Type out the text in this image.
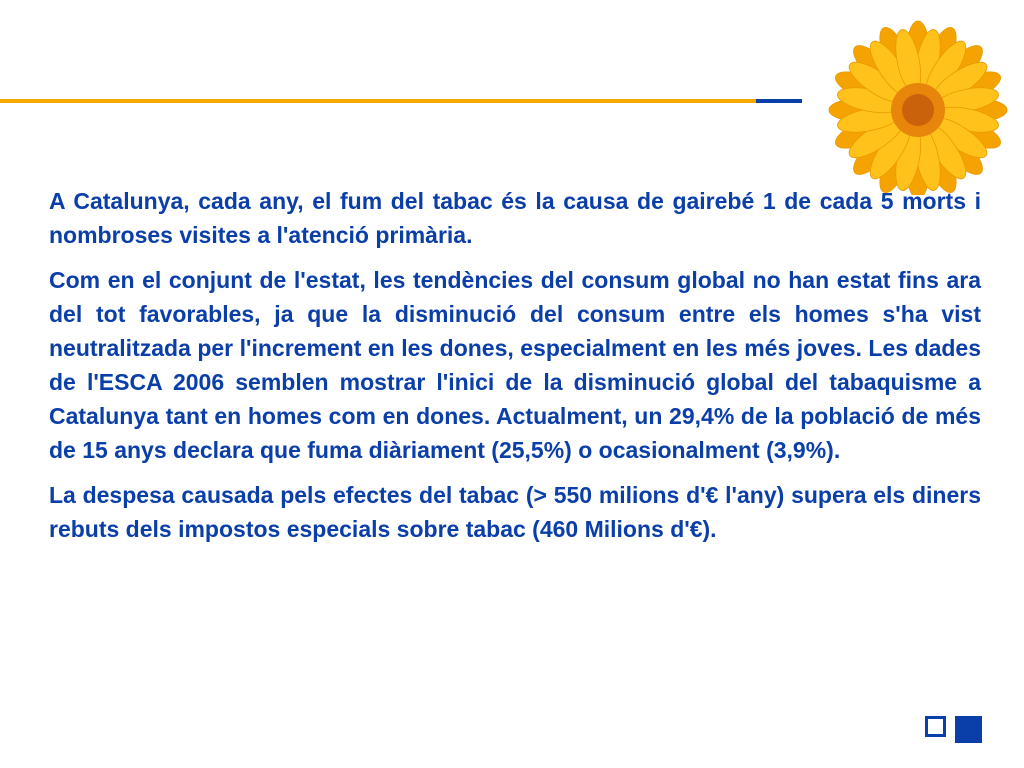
A Catalunya, cada any, el fum del tabac és la causa de gairebé 1 de cada 5 morts i nombroses visites a l'atenció primària.

Com en el conjunt de l'estat, les tendències del consum global no han estat fins ara del tot favorables, ja que la disminució del consum entre els homes s'ha vist neutralitzada per l'increment en les dones, especialment en les més joves. Les dades de l'ESCA 2006 semblen mostrar l'inici de la disminució global del tabaquisme a Catalunya tant en homes com en dones. Actualment, un 29,4% de la població de més de 15 anys declara que fuma diàriament (25,5%) o ocasionalment (3,9%).

La despesa causada pels efectes del tabac (> 550 milions d'€ l'any) supera els diners rebuts dels impostos especials sobre tabac (460 Milions d'€).
